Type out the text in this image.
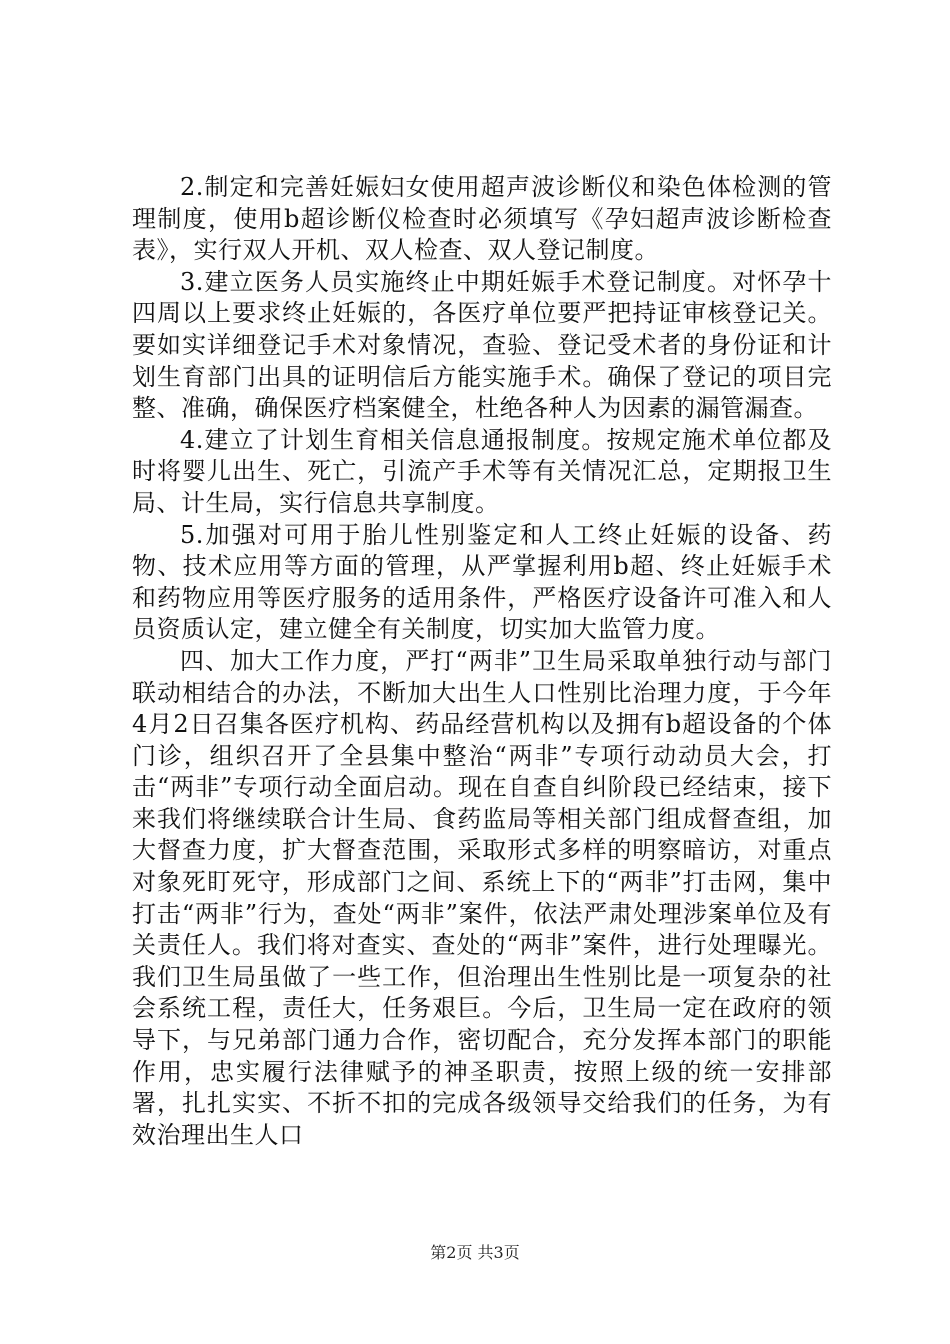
2.制定和完善妊娠妇女使用超声波诊断仪和染色体检测的管理制度，使用b超诊断仪检查时必须填写《孕妇超声波诊断检查表》，实行双人开机、双人检查、双人登记制度。

3.建立医务人员实施终止中期妊娠手术登记制度。对怀孕十四周以上要求终止妊娠的，各医疗单位要严把持证审核登记关。要如实详细登记手术对象情况，查验、登记受术者的身份证和计划生育部门出具的证明信后方能实施手术。确保了登记的项目完整、准确，确保医疗档案健全，杜绝各种人为因素的漏管漏查。

4.建立了计划生育相关信息通报制度。按规定施术单位都及时将婴儿出生、死亡，引流产手术等有关情况汇总，定期报卫生局、计生局，实行信息共享制度。

5.加强对可用于胎儿性别鉴定和人工终止妊娠的设备、药物、技术应用等方面的管理，从严掌握利用b超、终止妊娠手术和药物应用等医疗服务的适用条件，严格医疗设备许可准入和人员资质认定，建立健全有关制度，切实加大监管力度。

四、加大工作力度，严打“两非”卫生局采取单独行动与部门联动相结合的办法，不断加大出生人口性别比治理力度，于今年4月2日召集各医疗机构、药品经营机构以及拥有b超设备的个体门诊，组织召开了全县集中整治“两非”专项行动动员大会，打击“两非”专项行动全面启动。现在自查自纠阶段已经结束，接下来我们将继续联合计生局、食药监局等相关部门组成督查组，加大督查力度，扩大督查范围，采取形式多样的明察暗访，对重点对象死盯死守，形成部门之间、系统上下的“两非”打击网，集中打击“两非”行为，查处“两非”案件，依法严肃处理涉案单位及有关责任人。我们将对查实、查处的“两非”案件，进行处理曝光。我们卫生局虽做了一些工作，但治理出生性别比是一项复杂的社会系统工程，责任大，任务艰巨。今后，卫生局一定在政府的领导下，与兄弟部门通力合作，密切配合，充分发挥本部门的职能作用，忠实履行法律赋予的神圣职责，按照上级的统一安排部署，扎扎实实、不折不扣的完成各级领导交给我们的任务，为有效治理出生人口

第2页 共3页
